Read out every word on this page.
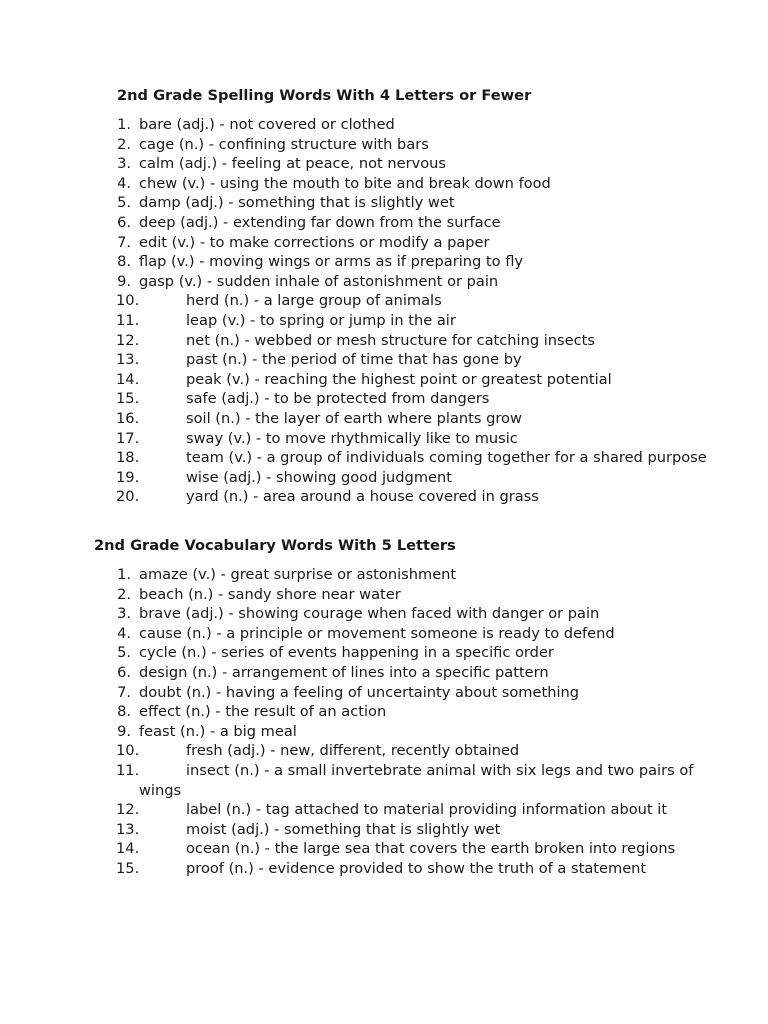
2nd Grade Spelling Words With 4 Letters or Fewer
1. bare (adj.) - not covered or clothed
2. cage (n.) - confining structure with bars
3. calm (adj.) - feeling at peace, not nervous
4. chew (v.) - using the mouth to bite and break down food
5. damp (adj.) - something that is slightly wet
6. deep (adj.) - extending far down from the surface
7. edit (v.) - to make corrections or modify a paper
8. flap (v.) - moving wings or arms as if preparing to fly
9. gasp (v.) - sudden inhale of astonishment or pain
10.	herd (n.) - a large group of animals
11.	leap (v.) - to spring or jump in the air
12.	net (n.) - webbed or mesh structure for catching insects
13.	past (n.) - the period of time that has gone by
14.	peak (v.) - reaching the highest point or greatest potential
15.	safe (adj.) - to be protected from dangers
16.	soil (n.) - the layer of earth where plants grow
17.	sway (v.) - to move rhythmically like to music
18.	team (v.) - a group of individuals coming together for a shared purpose
19.	wise (adj.) - showing good judgment
20.	yard (n.) - area around a house covered in grass
2nd Grade Vocabulary Words With 5 Letters
1. amaze (v.) - great surprise or astonishment
2. beach (n.) - sandy shore near water
3. brave (adj.) - showing courage when faced with danger or pain
4. cause (n.) - a principle or movement someone is ready to defend
5. cycle (n.) - series of events happening in a specific order
6. design (n.) - arrangement of lines into a specific pattern
7. doubt (n.) - having a feeling of uncertainty about something
8. effect (n.) - the result of an action
9. feast (n.) - a big meal
10.	fresh (adj.) - new, different, recently obtained
11.	insect (n.) - a small invertebrate animal with six legs and two pairs of wings
12.	label (n.) - tag attached to material providing information about it
13.	moist (adj.) - something that is slightly wet
14.	ocean (n.) - the large sea that covers the earth broken into regions
15.	proof (n.) - evidence provided to show the truth of a statement
